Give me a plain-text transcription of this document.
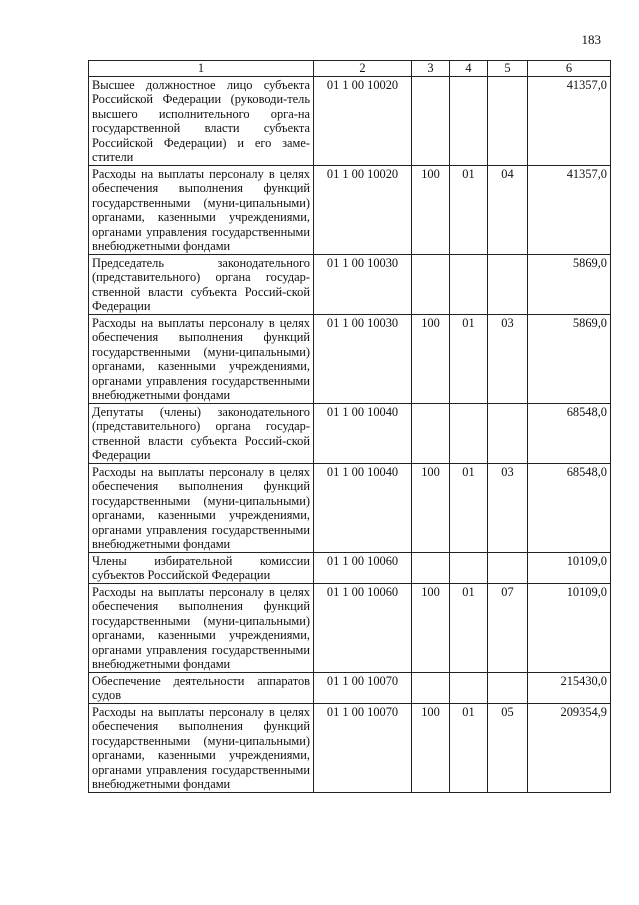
183
1	2	3	4	5	6
Высшее должностное лицо субъекта Российской Федерации (руководи-тель высшего исполнительного орга-на государственной власти субъекта Российской Федерации) и его заме-стители	01 1 00 10020				41357,0
Расходы на выплаты персоналу в целях обеспечения выполнения функций государственными (муни-ципальными) органами, казенными учреждениями, органами управления государственными внебюджетными фондами	01 1 00 10020	100	01	04	41357,0
Председатель законодательного (представительного) органа государ-ственной власти субъекта Россий-ской Федерации	01 1 00 10030				5869,0
Расходы на выплаты персоналу в целях обеспечения выполнения функций государственными (муни-ципальными) органами, казенными учреждениями, органами управления государственными внебюджетными фондами	01 1 00 10030	100	01	03	5869,0
Депутаты (члены) законодательного (представительного) органа государ-ственной власти субъекта Россий-ской Федерации	01 1 00 10040				68548,0
Расходы на выплаты персоналу в целях обеспечения выполнения функций государственными (муни-ципальными) органами, казенными учреждениями, органами управления государственными внебюджетными фондами	01 1 00 10040	100	01	03	68548,0
Члены избирательной комиссии субъектов Российской Федерации	01 1 00 10060				10109,0
Расходы на выплаты персоналу в целях обеспечения выполнения функций государственными (муни-ципальными) органами, казенными учреждениями, органами управления государственными внебюджетными фондами	01 1 00 10060	100	01	07	10109,0
Обеспечение деятельности аппаратов судов	01 1 00 10070				215430,0
Расходы на выплаты персоналу в целях обеспечения выполнения функций государственными (муни-ципальными) органами, казенными учреждениями, органами управления государственными внебюджетными фондами	01 1 00 10070	100	01	05	209354,9
